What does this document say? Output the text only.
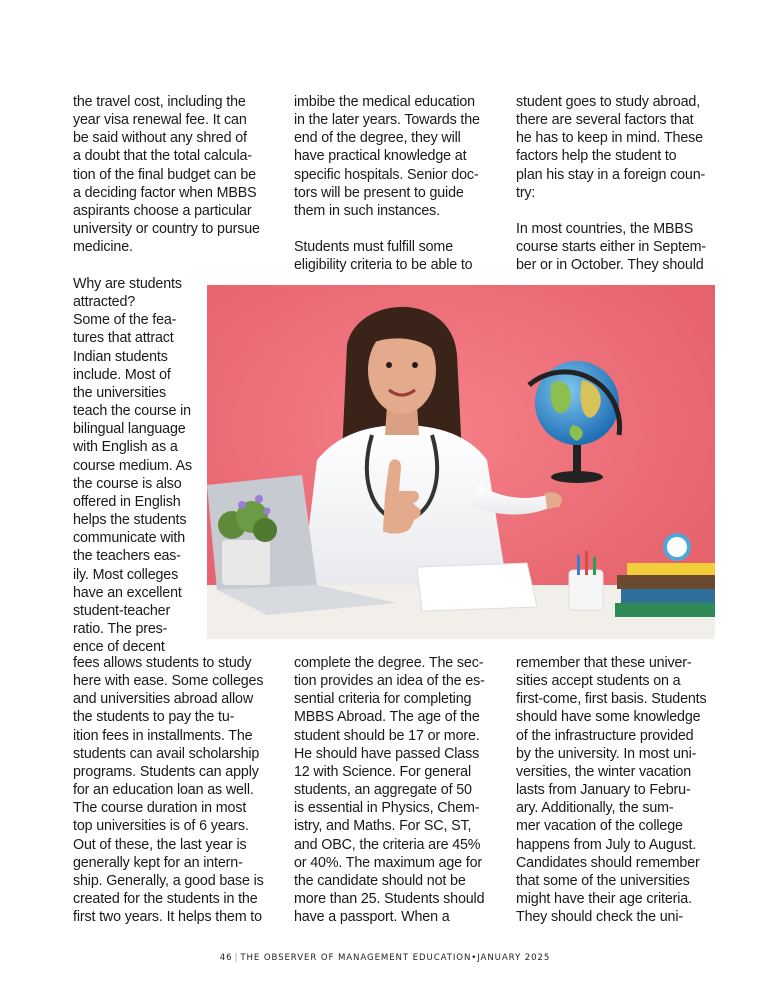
the travel cost, including the
year visa renewal fee. It can
be said without any shred of
a doubt that the total calcula-
tion of the final budget can be
a deciding factor when MBBS
aspirants choose a particular
university or country to pursue
medicine.
Why are students
attracted?
Some of the fea-
tures that attract
Indian students
include. Most of
the universities
teach the course in
bilingual language
with English as a
course medium. As
the course is also
offered in English
helps the students
communicate with
the teachers eas-
ily. Most colleges
have an excellent
student-teacher
ratio. The pres-
ence of decent
fees allows students to study
here with ease. Some colleges
and universities abroad allow
the students to pay the tu-
ition fees in installments. The
students can avail scholarship
programs. Students can apply
for an education loan as well.
The course duration in most
top universities is of 6 years.
Out of these, the last year is
generally kept for an intern-
ship. Generally, a good base is
created for the students in the
first two years. It helps them to
imbibe the medical education
in the later years. Towards the
end of the degree, they will
have practical knowledge at
specific hospitals. Senior doc-
tors will be present to guide
them in such instances.
Students must fulfill some
eligibility criteria to be able to
complete the degree. The sec-
tion provides an idea of the es-
sential criteria for completing
MBBS Abroad. The age of the
student should be 17 or more.
He should have passed Class
12 with Science. For general
students, an aggregate of 50
is essential in Physics, Chem-
istry, and Maths. For SC, ST,
and OBC, the criteria are 45%
or 40%. The maximum age for
the candidate should not be
more than 25. Students should
have a passport. When a
student goes to study abroad,
there are several factors that
he has to keep in mind. These
factors help the student to
plan his stay in a foreign coun-
try:
In most countries, the MBBS
course starts either in Septem-
ber or in October. They should
remember that these univer-
sities accept students on a
first-come, first basis. Students
should have some knowledge
of the infrastructure provided
by the university. In most uni-
versities, the winter vacation
lasts from January to Febru-
ary. Additionally, the sum-
mer vacation of the college
happens from July to August.
Candidates should remember
that some of the universities
might have their age criteria.
They should check the uni-
46 | THE OBSERVER OF MANAGEMENT EDUCATION•JANUARY 2025
